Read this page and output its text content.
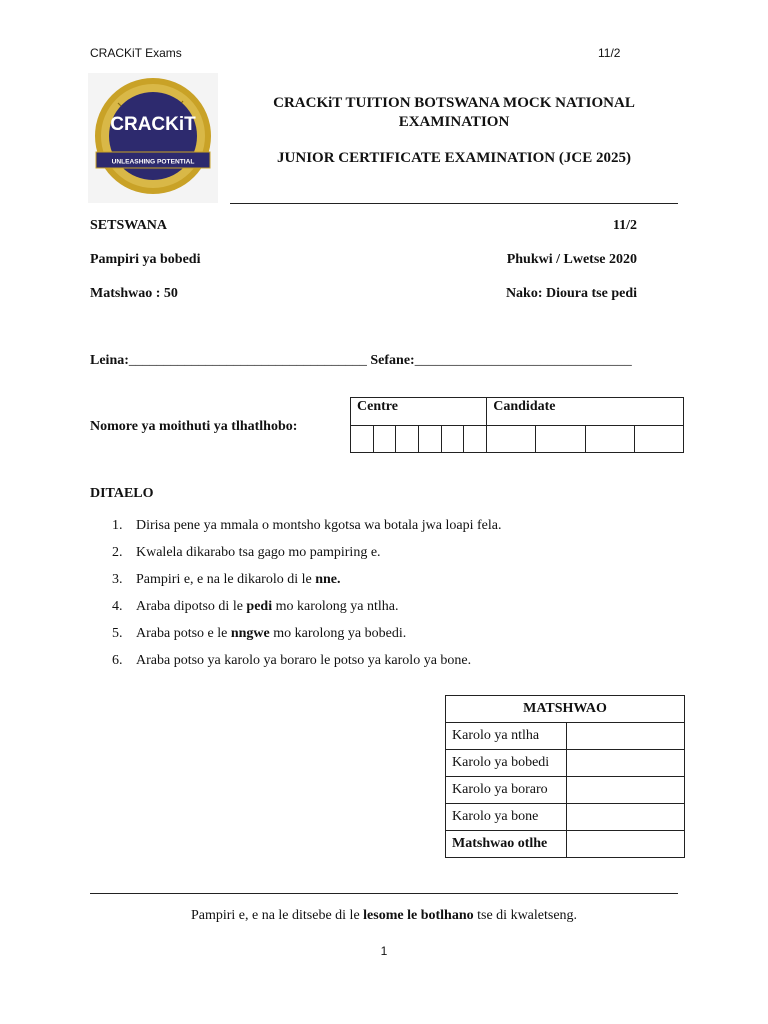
CRACKiT Exams	11/2
CRACKiT
UNLEASHING POTENTIAL
CRACKiT TUITION BOTSWANA MOCK NATIONAL
EXAMINATION
JUNIOR CERTIFICATE EXAMINATION (JCE 2025)
SETSWANA	11/2
Pampiri ya bobedi	Phukwi / Lwetse 2020
Matshwao : 50	Nako: Dioura tse pedi
Leina:__________________________________ Sefane:_______________________________
Nomore ya moithuti ya tlhatlhobo:
Centre						Candidate			

DITAELO
1. Dirisa pene ya mmala o montsho kgotsa wa botala jwa loapi fela.
2. Kwalela dikarabo tsa gago mo pampiring e.
3. Pampiri e, e na le dikarolo di le nne.
4. Araba dipotso di le pedi mo karolong ya ntlha.
5. Araba potso e le nngwe mo karolong ya bobedi.
6. Araba potso ya karolo ya boraro le potso ya karolo ya bone.
MATSHWAO	
Karolo ya ntlha	
Karolo ya bobedi	
Karolo ya boraro	
Karolo ya bone	
Matshwao otlhe	
Pampiri e, e na le ditsebe di le lesome le botlhano tse di kwaletseng.
1
